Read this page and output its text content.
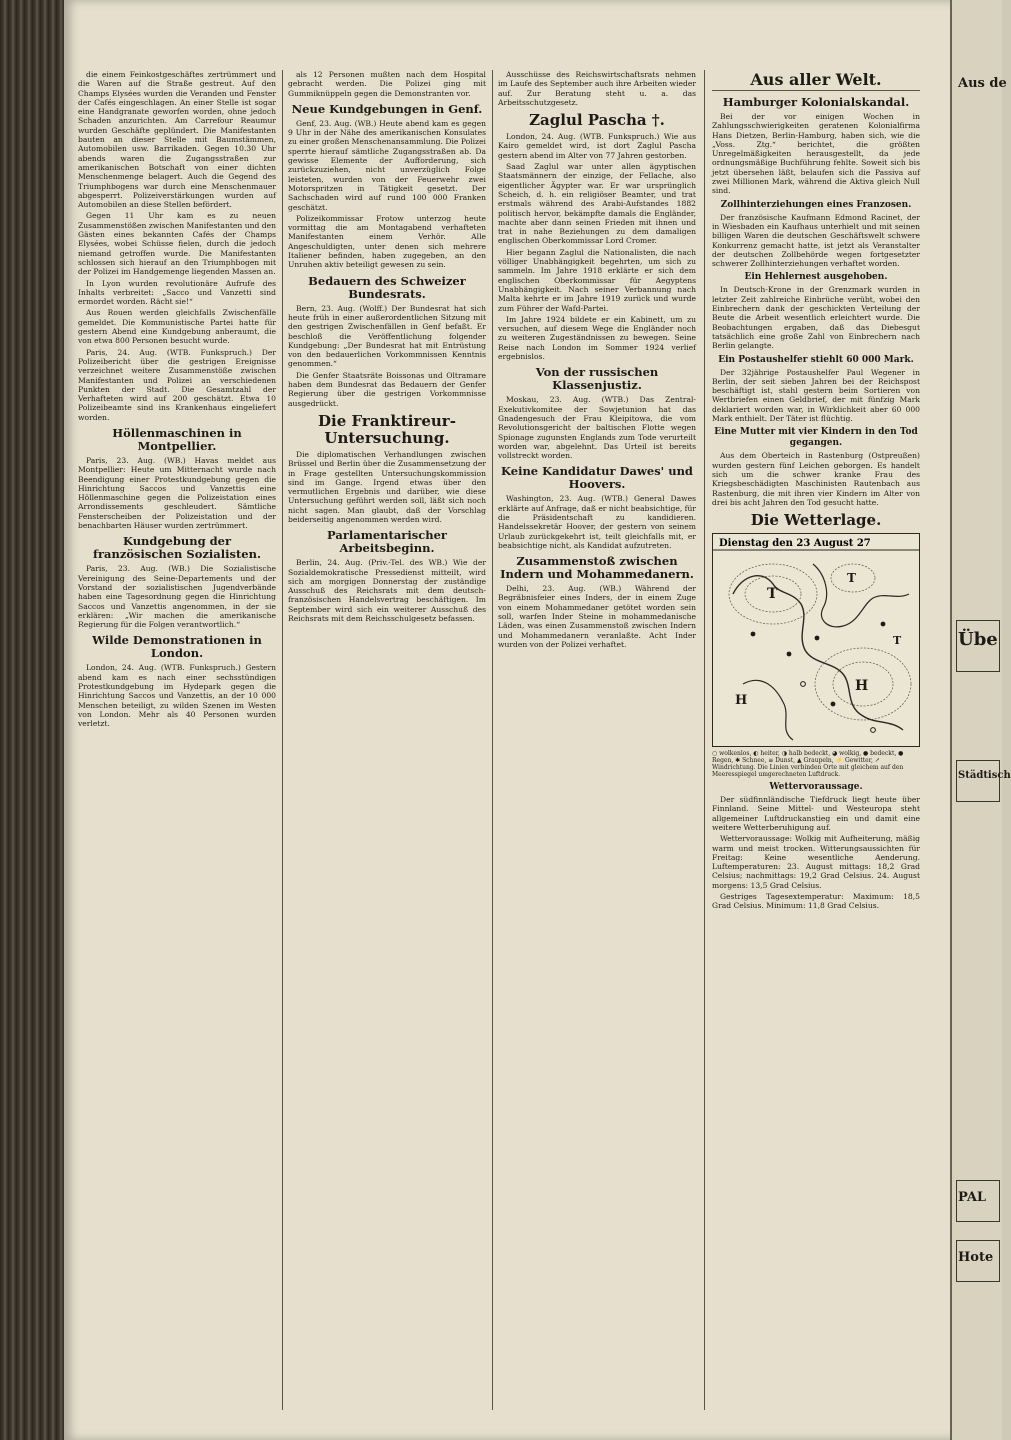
die einem Feinkostgeschäftes zertrümmert und die Waren auf die Straße gestreut. Auf den Champs Elysées wurden die Veranden und Fenster der Cafés eingeschlagen. An einer Stelle ist sogar eine Handgranate geworfen worden, ohne jedoch Schaden anzurichten. Am Carrefour Reaumur wurden Geschäfte geplündert. Die Manifestanten bauten an dieser Stelle mit Baumstämmen, Automobilen usw. Barrikaden. Gegen 10.30 Uhr abends waren die Zugangsstraßen zur amerikanischen Botschaft von einer dichten Menschenmenge belagert. Auch die Gegend des Triumphbogens war durch eine Menschenmauer abgesperrt. Polizeiverstärkungen wurden auf Automobilen an diese Stellen befördert.

Gegen 11 Uhr kam es zu neuen Zusammenstößen zwischen Manifestanten und den Gästen eines bekannten Cafés der Champs Elysées, wobei Schüsse fielen, durch die jedoch niemand getroffen wurde. Die Manifestanten schlossen sich hierauf an den Triumphbogen mit der Polizei im Handgemenge liegenden Massen an.

In Lyon wurden revolutionäre Aufrufe des Inhalts verbreitet: „Sacco und Vanzetti sind ermordet worden. Rächt sie!“

Aus Rouen werden gleichfalls Zwischenfälle gemeldet. Die Kommunistische Partei hatte für gestern Abend eine Kundgebung anberaumt, die von etwa 800 Personen besucht wurde.

Paris, 24. Aug. (WTB. Funkspruch.) Der Polizeibericht über die gestrigen Ereignisse verzeichnet weitere Zusammenstöße zwischen Manifestanten und Polizei an verschiedenen Punkten der Stadt. Die Gesamtzahl der Verhafteten wird auf 200 geschätzt. Etwa 10 Polizeibeamte sind ins Krankenhaus eingeliefert worden.

Höllenmaschinen in Montpellier.

Paris, 23. Aug. (WB.) Havas meldet aus Montpellier: Heute um Mitternacht wurde nach Beendigung einer Protestkundgebung gegen die Hinrichtung Saccos und Vanzettis eine Höllenmaschine gegen die Polizeistation eines Arrondissements geschleudert. Sämtliche Fensterscheiben der Polizeistation und der benachbarten Häuser wurden zertrümmert.

Kundgebung der französischen Sozialisten.

Paris, 23. Aug. (WB.) Die Sozialistische Vereinigung des Seine-Departements und der Vorstand der sozialistischen Jugendverbände haben eine Tagesordnung gegen die Hinrichtung Saccos und Vanzettis angenommen, in der sie erklären: „Wir machen die amerikanische Regierung für die Folgen verantwortlich.“

Wilde Demonstrationen in London.

London, 24. Aug. (WTB. Funkspruch.) Gestern abend kam es nach einer sechsstündigen Protestkundgebung im Hydepark gegen die Hinrichtung Saccos und Vanzettis, an der 10 000 Menschen beteiligt, zu wilden Szenen im Westen von London. Mehr als 40 Personen wurden verletzt.

als 12 Personen mußten nach dem Hospital gebracht werden. Die Polizei ging mit Gummiknüppeln gegen die Demonstranten vor.

Neue Kundgebungen in Genf.

Genf, 23. Aug. (WB.) Heute abend kam es gegen 9 Uhr in der Nähe des amerikanischen Konsulates zu einer großen Menschenansammlung. Die Polizei sperrte hierauf sämtliche Zugangsstraßen ab. Da gewisse Elemente der Aufforderung, sich zurückzuziehen, nicht unverzüglich Folge leisteten, wurden von der Feuerwehr zwei Motorspritzen in Tätigkeit gesetzt. Der Sachschaden wird auf rund 100 000 Franken geschätzt.

Polizeikommissar Frotow unterzog heute vormittag die am Montagabend verhafteten Manifestanten einem Verhör. Alle Angeschuldigten, unter denen sich mehrere Italiener befinden, haben zugegeben, an den Unruhen aktiv beteiligt gewesen zu sein.

Bedauern des Schweizer Bundesrats.

Bern, 23. Aug. (Wolff.) Der Bundesrat hat sich heute früh in einer außerordentlichen Sitzung mit den gestrigen Zwischenfällen in Genf befaßt. Er beschloß die Veröffentlichung folgender Kundgebung: „Der Bundesrat hat mit Entrüstung von den bedauerlichen Vorkommnissen Kenntnis genommen.“

Die Genfer Staatsräte Boissonas und Oltramare haben dem Bundesrat das Bedauern der Genfer Regierung über die gestrigen Vorkommnisse ausgedrückt.

Die Franktireur-Untersuchung.

Die diplomatischen Verhandlungen zwischen Brüssel und Berlin über die Zusammensetzung der in Frage gestellten Untersuchungskommission sind im Gange. Irgend etwas über den vermutlichen Ergebnis und darüber, wie diese Untersuchung geführt werden soll, läßt sich noch nicht sagen. Man glaubt, daß der Vorschlag beiderseitig angenommen werden wird.

Parlamentarischer Arbeitsbeginn.

Berlin, 24. Aug. (Priv.-Tel. des WB.) Wie der Sozialdemokratische Pressedienst mitteilt, wird sich am morgigen Donnerstag der zuständige Ausschuß des Reichsrats mit dem deutsch-französischen Handelsvertrag beschäftigen. Im September wird sich ein weiterer Ausschuß des Reichsrats mit dem Reichsschulgesetz befassen.

Ausschüsse des Reichswirtschaftsrats nehmen im Laufe des September auch ihre Arbeiten wieder auf. Zur Beratung steht u. a. das Arbeitsschutzgesetz.

Zaglul Pascha †.

London, 24. Aug. (WTB. Funkspruch.) Wie aus Kairo gemeldet wird, ist dort Zaglul Pascha gestern abend im Alter von 77 Jahren gestorben.

Saad Zaglul war unter allen ägyptischen Staatsmännern der einzige, der Fellache, also eigentlicher Ägypter war. Er war ursprünglich Scheich, d. h. ein religiöser Beamter, und trat erstmals während des Arabi-Aufstandes 1882 politisch hervor, bekämpfte damals die Engländer, machte aber dann seinen Frieden mit ihnen und trat in nahe Beziehungen zu dem damaligen englischen Oberkommissar Lord Cromer.

Hier begann Zaglul die Nationalisten, die nach völliger Unabhängigkeit begehrten, um sich zu sammeln. Im Jahre 1918 erklärte er sich dem englischen Oberkommissar für Aegyptens Unabhängigkeit. Nach seiner Verbannung nach Malta kehrte er im Jahre 1919 zurück und wurde zum Führer der Wafd-Partei.

Im Jahre 1924 bildete er ein Kabinett, um zu versuchen, auf diesem Wege die Engländer noch zu weiteren Zugeständnissen zu bewegen. Seine Reise nach London im Sommer 1924 verlief ergebnislos.

Von der russischen Klassenjustiz.

Moskau, 23. Aug. (WTB.) Das Zentral-Exekutivkomitee der Sowjetunion hat das Gnadengesuch der Frau Kleipitowa, die vom Revolutionsgericht der baltischen Flotte wegen Spionage zugunsten Englands zum Tode verurteilt worden war, abgelehnt. Das Urteil ist bereits vollstreckt worden.

Keine Kandidatur Dawes' und Hoovers.

Washington, 23. Aug. (WTB.) General Dawes erklärte auf Anfrage, daß er nicht beabsichtige, für die Präsidentschaft zu kandidieren. Handelssekretär Hoover, der gestern von seinem Urlaub zurückgekehrt ist, teilt gleichfalls mit, er beabsichtige nicht, als Kandidat aufzutreten.

Zusammenstoß zwischen Indern und Mohammedanern.

Delhi, 23. Aug. (WB.) Während der Begräbnisfeier eines Inders, der in einem Zuge von einem Mohammedaner getötet worden sein soll, warfen Inder Steine in mohammedanische Läden, was einen Zusammenstoß zwischen Indern und Mohammedanern veranlaßte. Acht Inder wurden von der Polizei verhaftet.

Aus aller Welt.
Hamburger Kolonialskandal.

Bei der vor einigen Wochen in Zahlungsschwierigkeiten geratenen Kolonialfirma Hans Dietzen, Berlin-Hamburg, haben sich, wie die „Voss. Ztg.“ berichtet, die größten Unregelmäßigkeiten herausgestellt, da jede ordnungsmäßige Buchführung fehlte. Soweit sich bis jetzt übersehen läßt, belaufen sich die Passiva auf zwei Millionen Mark, während die Aktiva gleich Null sind.

Zollhinterziehungen eines Franzosen.

Der französische Kaufmann Edmond Racinet, der in Wiesbaden ein Kaufhaus unterhielt und mit seinen billigen Waren die deutschen Geschäftswelt schwere Konkurrenz gemacht hatte, ist jetzt als Veranstalter der deutschen Zollbehörde wegen fortgesetzter schwerer Zollhinterziehungen verhaftet worden.

Ein Hehlernest ausgehoben.

In Deutsch-Krone in der Grenzmark wurden in letzter Zeit zahlreiche Einbrüche verübt, wobei den Einbrechern dank der geschickten Verteilung der Beute die Arbeit wesentlich erleichtert wurde. Die Beobachtungen ergaben, daß das Diebesgut tatsächlich eine große Zahl von Einbrechern nach Berlin gelangte.

Ein Postaushelfer stiehlt 60 000 Mark.

Der 32jährige Postaushelfer Paul Wegener in Berlin, der seit sieben Jahren bei der Reichspost beschäftigt ist, stahl gestern beim Sortieren von Wertbriefen einen Geldbrief, der mit fünfzig Mark deklariert worden war, in Wirklichkeit aber 60 000 Mark enthielt. Der Täter ist flüchtig.

Eine Mutter mit vier Kindern in den Tod gegangen.

Aus dem Oberteich in Rastenburg (Ostpreußen) wurden gestern fünf Leichen geborgen. Es handelt sich um die schwer kranke Frau des Kriegsbeschädigten Maschinisten Rautenbach aus Rastenburg, die mit ihren vier Kindern im Alter von drei bis acht Jahren den Tod gesucht hatte.

Die Wetterlage.
Dienstag den 23 August 27
T
T
H
H
T
○ wolkenlos, ◐ heiter, ◑ halb bedeckt, ◕ wolkig, ● bedeckt, ● Regen, ✱ Schnee, ≡ Dunst, ▲ Graupeln, ⚡ Gewitter, ↗ Windrichtung. Die Linien verbinden Orte mit gleichem auf den Meeresspiegel umgerechneten Luftdruck.
Wettervoraussage.

Der südfinnländische Tiefdruck liegt heute über Finnland. Seine Mittel- und Westeuropa steht allgemeiner Luftdruckanstieg ein und damit eine weitere Wetterberuhigung auf.

Wettervoraussage: Wolkig mit Aufheiterung, mäßig warm und meist trocken. Witterungsaussichten für Freitag: Keine wesentliche Aenderung. Luftemperaturen: 23. August mittags: 18,2 Grad Celsius; nachmittags: 19,2 Grad Celsius. 24. August morgens: 13,5 Grad Celsius.

Gestriges Tagesextemperatur: Maximum: 18,5 Grad Celsius. Minimum: 11,8 Grad Celsius.

Aus de
Übe
Städtisch
PAL
Hote
